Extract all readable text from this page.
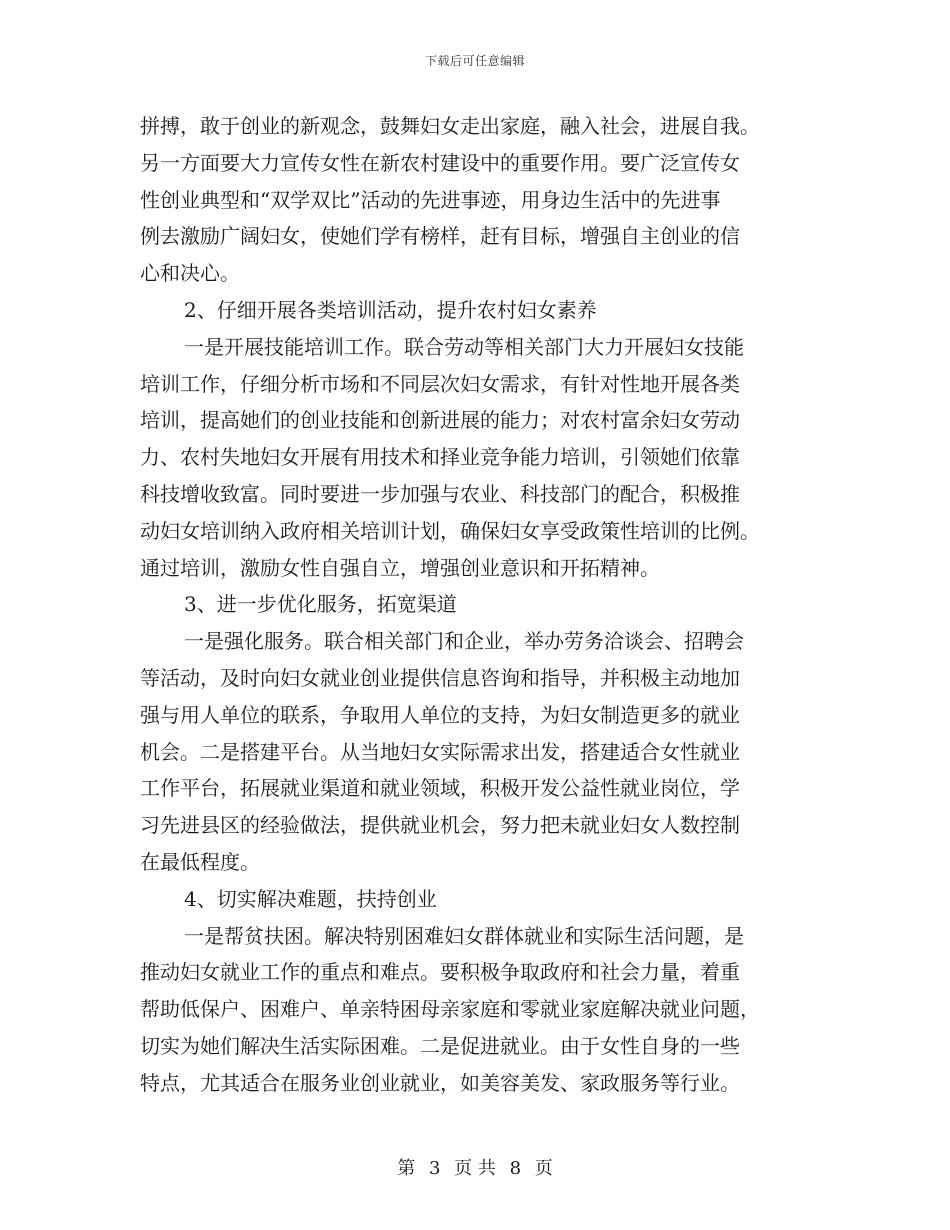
下载后可任意编辑
拼搏，敢于创业的新观念，鼓舞妇女走出家庭，融入社会，进展自我。
另一方面要大力宣传女性在新农村建设中的重要作用。要广泛宣传女
性创业典型和“双学双比”活动的先进事迹，用身边生活中的先进事
例去激励广阔妇女，使她们学有榜样，赶有目标，增强自主创业的信
心和决心。
2、仔细开展各类培训活动，提升农村妇女素养
一是开展技能培训工作。联合劳动等相关部门大力开展妇女技能
培训工作，仔细分析市场和不同层次妇女需求，有针对性地开展各类
培训，提高她们的创业技能和创新进展的能力；对农村富余妇女劳动
力、农村失地妇女开展有用技术和择业竞争能力培训，引领她们依靠
科技增收致富。同时要进一步加强与农业、科技部门的配合，积极推
动妇女培训纳入政府相关培训计划，确保妇女享受政策性培训的比例。
通过培训，激励女性自强自立，增强创业意识和开拓精神。
3、进一步优化服务，拓宽渠道
一是强化服务。联合相关部门和企业，举办劳务洽谈会、招聘会
等活动，及时向妇女就业创业提供信息咨询和指导，并积极主动地加
强与用人单位的联系，争取用人单位的支持，为妇女制造更多的就业
机会。二是搭建平台。从当地妇女实际需求出发，搭建适合女性就业
工作平台，拓展就业渠道和就业领域，积极开发公益性就业岗位，学
习先进县区的经验做法，提供就业机会，努力把未就业妇女人数控制
在最低程度。
4、切实解决难题，扶持创业
一是帮贫扶困。解决特别困难妇女群体就业和实际生活问题，是
推动妇女就业工作的重点和难点。要积极争取政府和社会力量，着重
帮助低保户、困难户、单亲特困母亲家庭和零就业家庭解决就业问题，
切实为她们解决生活实际困难。二是促进就业。由于女性自身的一些
特点，尤其适合在服务业创业就业，如美容美发、家政服务等行业。
第 3 页 共 8 页
